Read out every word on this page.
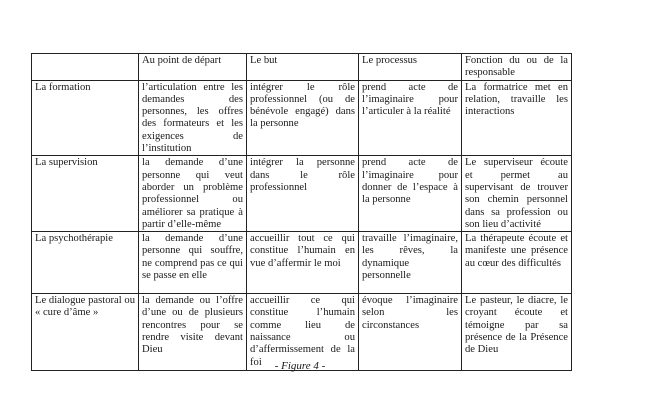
	Au point de départ	Le but	Le processus	Fonction du ou de la responsable
La formation	l’articulation entre les demandes des personnes, les offres des formateurs et les exigences de l’institution	intégrer le rôle professionnel (ou de bénévole engagé) dans la personne	prend acte de l’imaginaire pour l’articuler à la réalité	La formatrice met en relation, travaille les interactions
La supervision	la demande d’une personne qui veut aborder un problème professionnel ou améliorer sa pratique à partir d’elle-même	intégrer la personne dans le rôle professionnel	prend acte de l’imaginaire pour donner de l’espace à la personne	Le superviseur écoute et permet au supervisant de trouver son chemin personnel dans sa profession ou son lieu d’activité
La psychothérapie	la demande d’une personne qui souffre, ne comprend pas ce qui se passe en elle	accueillir tout ce qui constitue l’humain en vue d’affermir le moi	travaille l’imaginaire, les rêves, la dynamique personnelle	La thérapeute écoute et manifeste une présence au cœur des difficultés
Le dialogue pastoral ou « cure d’âme »	la demande ou l’offre d’une ou de plusieurs rencontres pour se rendre visite devant Dieu	accueillir ce qui constitue l’humain comme lieu de naissance ou d’affermissement de la foi	évoque l’imaginaire selon les circonstances	Le pasteur, le diacre, le croyant écoute et témoigne par sa présence de la Présence de Dieu
- Figure 4 -
